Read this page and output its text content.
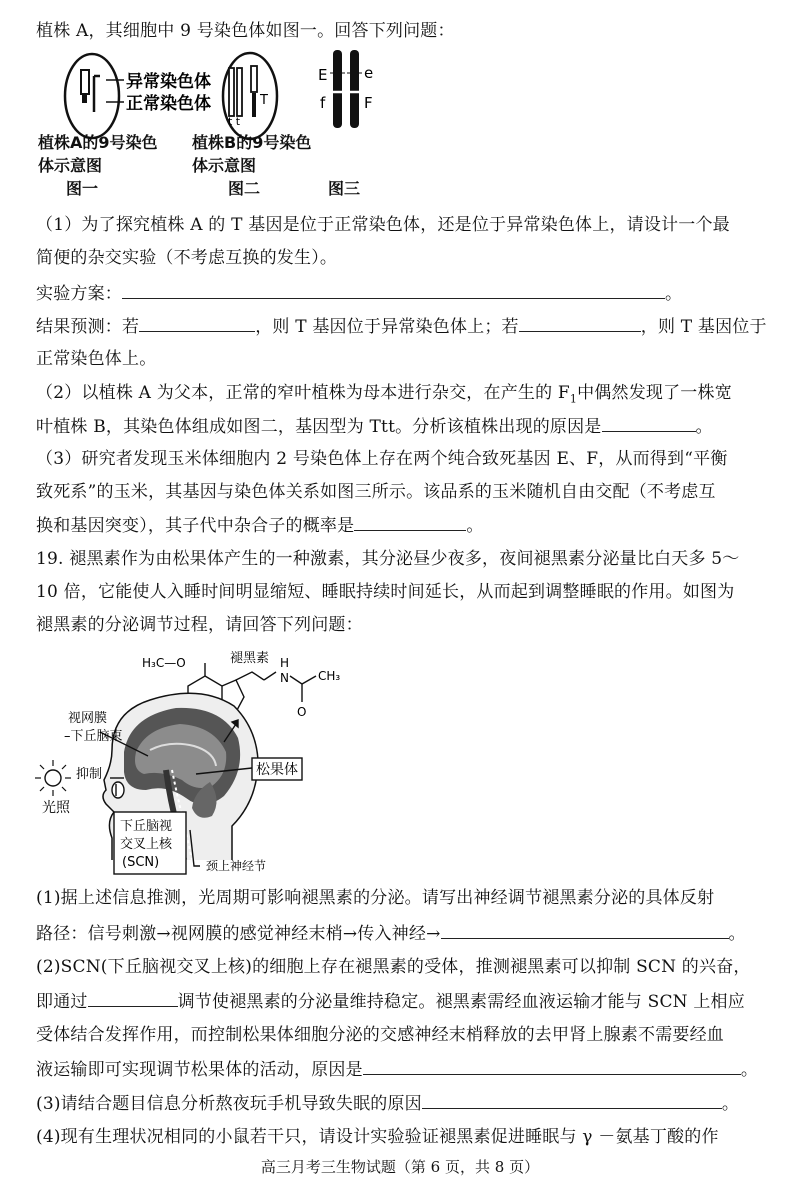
植株 A，其细胞中 9 号染色体如图一。回答下列问题：
异常染色体
正常染色体	T
t t
E e
f	F
植株A的9号染色
体示意图
图一
植株B的9号染色
体示意图
图二	图三
（1）为了探究植株 A 的 T 基因是位于正常染色体，还是位于异常染色体上，请设计一个最
简便的杂交实验（不考虑互换的发生）。
实验方案：	。
结果预测：若	，则 T 基因位于异常染色体上；若	，则 T 基因位于
正常染色体上。
（2）以植株 A 为父本，正常的窄叶植株为母本进行杂交，在产生的 $F_1$中偶然发现了一株宽
叶植株 B，其染色体组成如图二，基因型为 Ttt。分析该植株出现的原因是	。
（3）研究者发现玉米体细胞内 2 号染色体上存在两个纯合致死基因 E、F，从而得到“平衡
致死系”的玉米，其基因与染色体关系如图三所示。该品系的玉米随机自由交配（不考虑互
换和基因突变），其子代中杂合子的概率是	。
19. 褪黑素作为由松果体产生的一种激素，其分泌昼少夜多，夜间褪黑素分泌量比白天多 5～
10 倍，它能使人入睡时间明显缩短、睡眠持续时间延长，从而起到调整睡眠的作用。如图为
褪黑素的分泌调节过程，请回答下列问题：
H₃C—O	褪黑素 H
N
O
CH₃
视网膜
–下丘脑束
抑制
光照
松果体
下丘脑视
交叉上核
(SCN)	颈上神经节
(1)据上述信息推测，光周期可影响褪黑素的分泌。请写出神经调节褪黑素分泌的具体反射
路径：信号刺激→视网膜的感觉神经末梢→传入神经→	。
(2)SCN(下丘脑视交叉上核)的细胞上存在褪黑素的受体，推测褪黑素可以抑制 SCN 的兴奋，
即通过	调节使褪黑素的分泌量维持稳定。褪黑素需经血液运输才能与 SCN 上相应
受体结合发挥作用，而控制松果体细胞分泌的交感神经末梢释放的去甲肾上腺素不需要经血
液运输即可实现调节松果体的活动，原因是	。
(3)请结合题目信息分析熬夜玩手机导致失眠的原因	。
(4)现有生理状况相同的小鼠若干只，请设计实验验证褪黑素促进睡眠与 γ －氨基丁酸的作
高三月考三生物试题（第 6 页，共 8 页）
